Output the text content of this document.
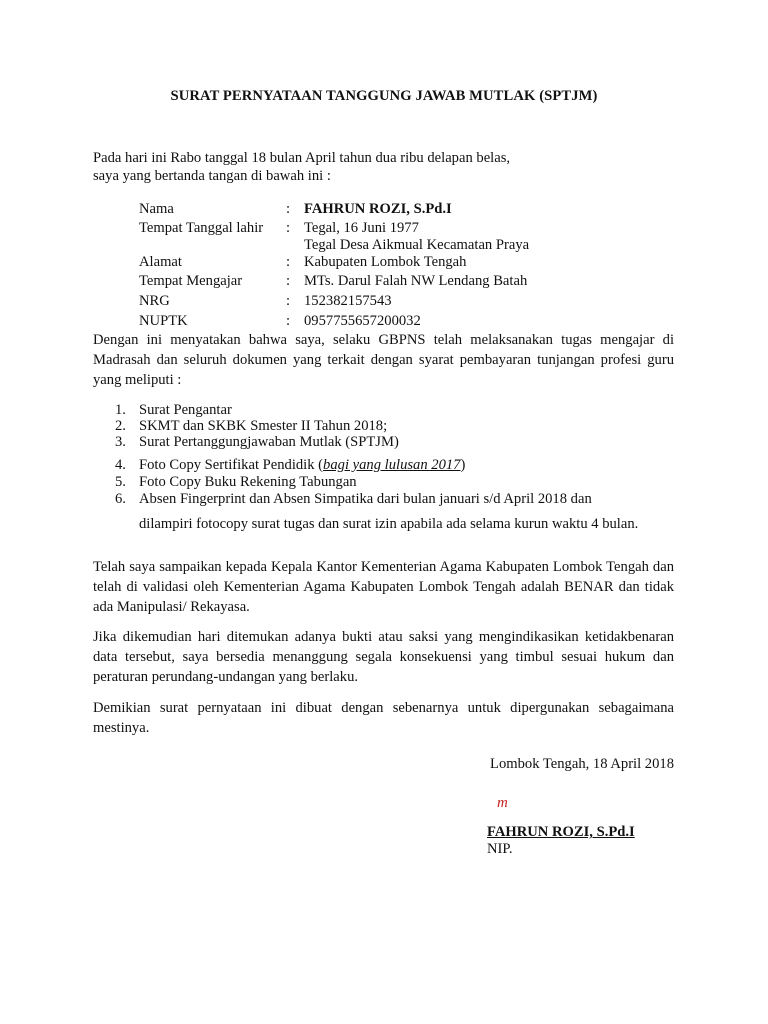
SURAT PERNYATAAN TANGGUNG JAWAB MUTLAK (SPTJM)
Pada hari ini Rabo tanggal 18 bulan April tahun dua ribu delapan belas,
saya yang bertanda tangan di bawah ini :
Nama	: FAHRUN ROZI, S.Pd.I
Tempat Tanggal lahir : Tegal, 16 Juni 1977
Tegal Desa Aikmual Kecamatan Praya
Alamat	: Kabupaten Lombok Tengah
Tempat Mengajar	: MTs. Darul Falah NW Lendang Batah
NRG	: 152382157543
NUPTK	: 0957755657200032
Dengan ini menyatakan bahwa saya, selaku GBPNS telah melaksanakan tugas mengajar di Madrasah dan seluruh dokumen yang terkait dengan syarat pembayaran tunjangan profesi guru yang meliputi :
1. Surat Pengantar
2. SKMT dan SKBK Smester II Tahun 2018;
3. Surat Pertanggungjawaban Mutlak (SPTJM)
4. Foto Copy Sertifikat Pendidik (bagi yang lulusan 2017)
5. Foto Copy Buku Rekening Tabungan
6. Absen Fingerprint dan Absen Simpatika dari bulan januari s/d April 2018 dan
dilampiri fotocopy surat tugas dan surat izin apabila ada selama kurun waktu 4 bulan.
Telah saya sampaikan kepada Kepala Kantor Kementerian Agama Kabupaten Lombok Tengah dan telah di validasi oleh Kementerian Agama Kabupaten Lombok Tengah adalah BENAR dan tidak ada Manipulasi/ Rekayasa.
Jika dikemudian hari ditemukan adanya bukti atau saksi yang mengindikasikan ketidakbenaran data tersebut, saya bersedia menanggung segala konsekuensi yang timbul sesuai hukum dan peraturan perundang-undangan yang berlaku.
Demikian surat pernyataan ini dibuat dengan sebenarnya untuk dipergunakan sebagaimana mestinya.
Lombok Tengah, 18 April 2018
m
FAHRUN ROZI, S.Pd.I
NIP.
